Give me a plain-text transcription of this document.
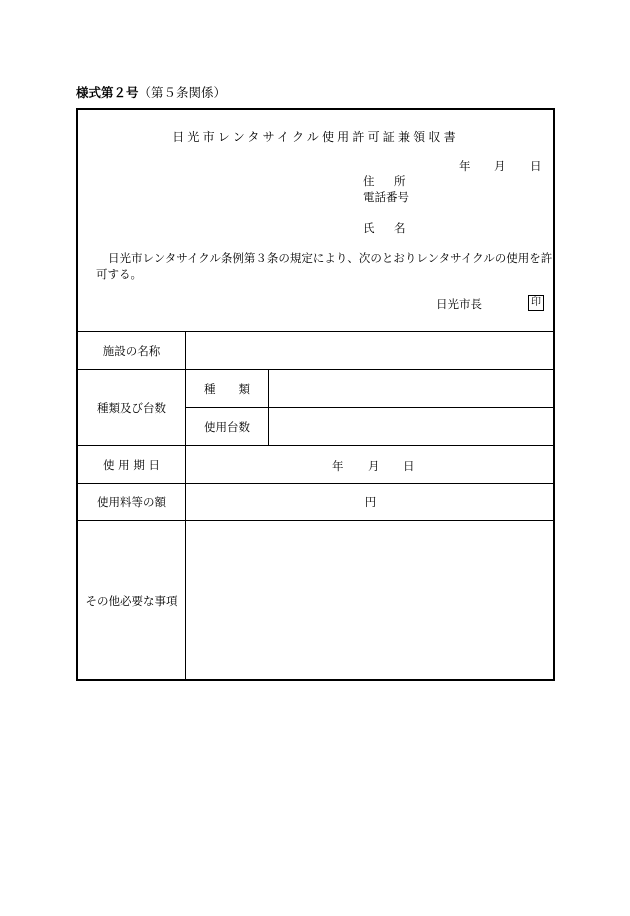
様式第２号（第５条関係）
日光市レンタサイクル使用許可証兼領収書
年 月 日
住　所
電話番号
氏　名
日光市レンタサイクル条例第３条の規定により、次のとおりレンタサイクルの使用を許可する。
日光市長	印
施設の名称
種類及び台数
種　　類
使用台数
使 用 期 日	年 月 日
使用料等の額	円
その他必要な事項
